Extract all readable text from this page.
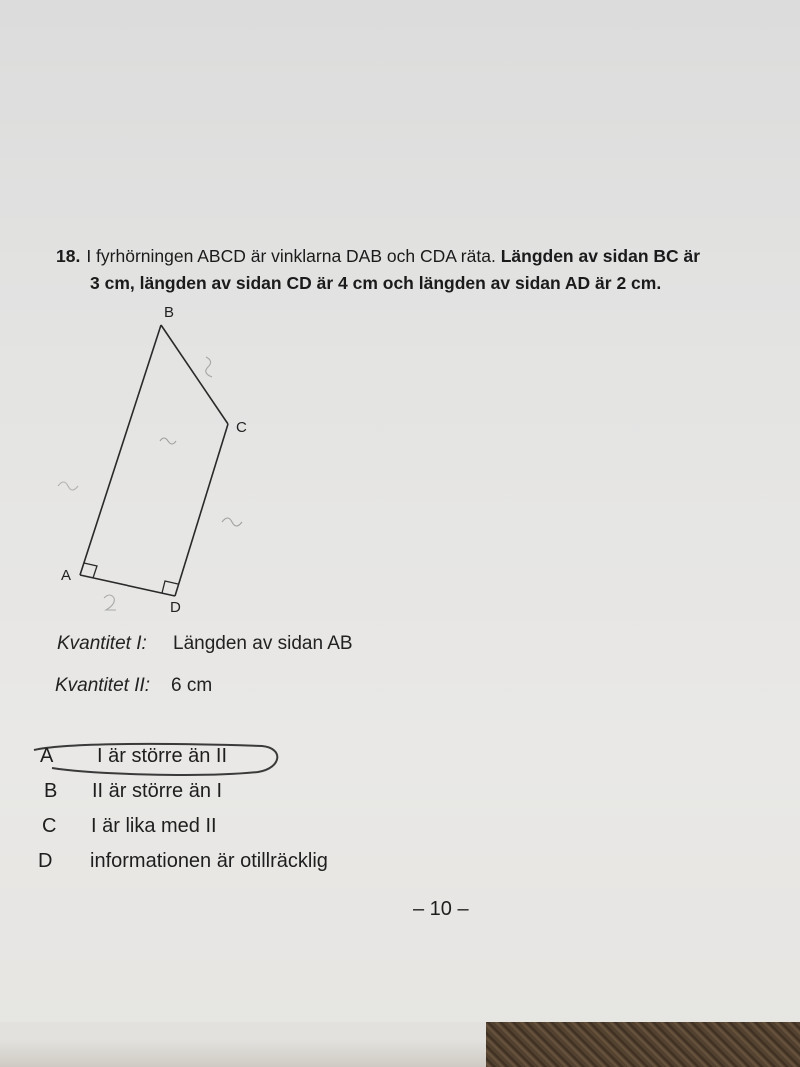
18. I fyrhörningen ABCD är vinklarna DAB och CDA räta. Längden av sidan BC är
3 cm, längden av sidan CD är 4 cm och längden av sidan AD är 2 cm.
B
C
A
D
Kvantitet I: Längden av sidan AB
Kvantitet II: 6 cm
A I är större än II
B II är större än I
C I är lika med II
D informationen är otillräcklig
– 10 –
